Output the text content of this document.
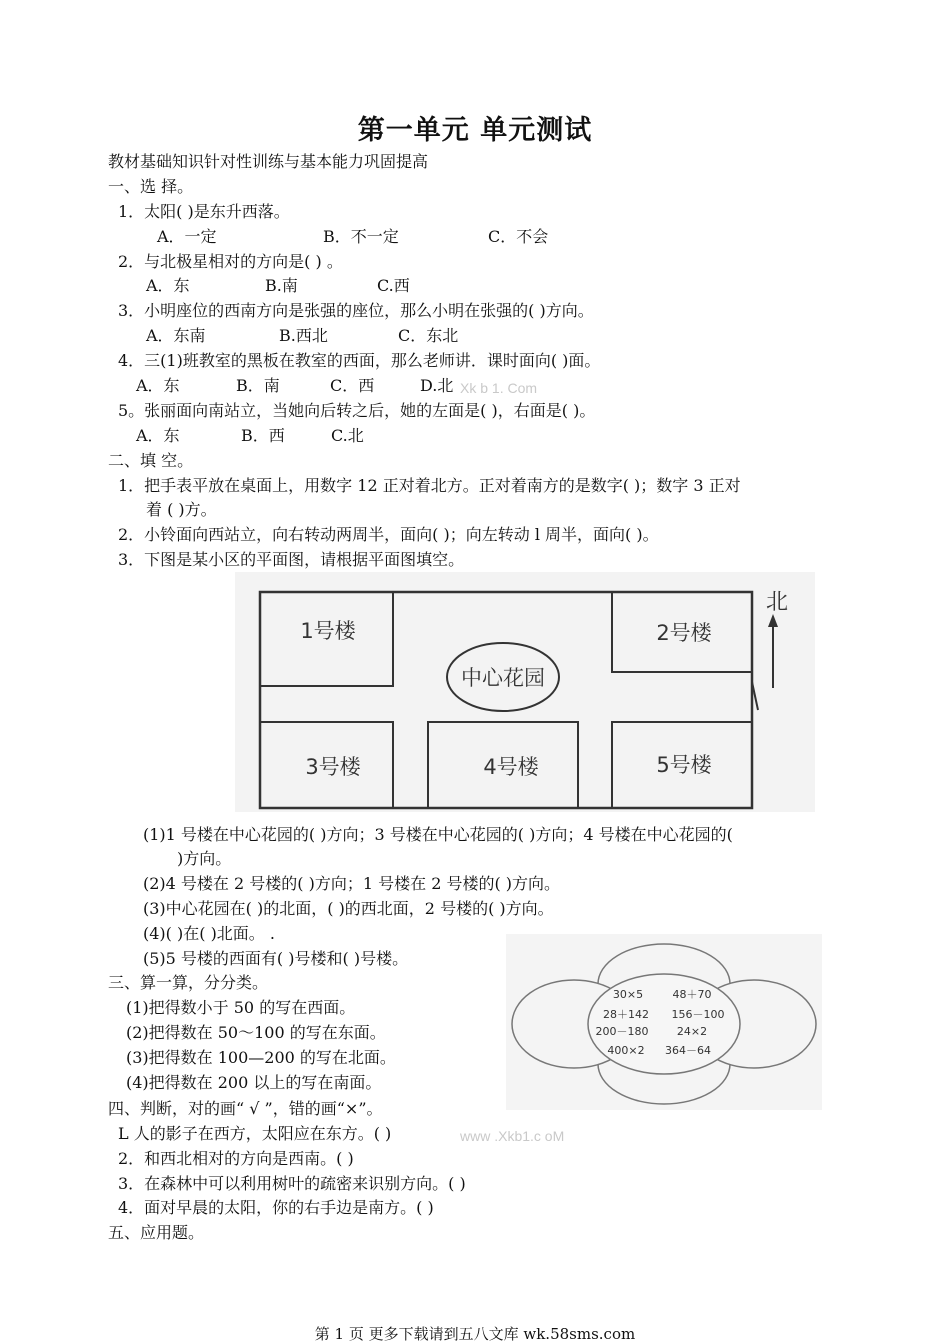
第一单元 单元测试
教材基础知识针对性训练与基本能力巩固提高
一、选 择。
1．太阳( )是东升西落。
A．一定	B．不一定	C．不会
2．与北极星相对的方向是( ) 。
A．东	B.南	C.西
3．小明座位的西南方向是张强的座位，那么小明在张强的( )方向。
A．东南	B.西北	C．东北
4．三(1)班教室的黑板在教室的西面，那么老师讲．课时面向( )面。
A．东	B．南	C．西	D.北 Xk b 1. Com
5。张丽面向南站立，当她向后转之后，她的左面是( )，右面是( )。
A．东	B．西	C.北
二、填 空。
1．把手表平放在桌面上，用数字 12 正对着北方。正对着南方的是数字( )；数字 3 正对
着 ( )方。
2．小铃面向西站立，向右转动两周半，面向( )；向左转动 l 周半，面向( )。
3．下图是某小区的平面图，请根据平面图填空。
北
1号楼	2号楼
中心花园
3号楼	4号楼	5号楼
(1)1 号楼在中心花园的( )方向；3 号楼在中心花园的( )方向；4 号楼在中心花园的(
)方向。
(2)4 号楼在 2 号楼的( )方向；1 号楼在 2 号楼的( )方向。
(3)中心花园在( )的北面，( )的西北面，2 号楼的( )方向。
(4)( )在( )北面。 .
(5)5 号楼的西面有( )号楼和( )号楼。
30×5	48＋70
28＋142 156－100
200－180	24×2
400×2 364－64
三、算一算，分分类。
(1)把得数小于 50 的写在西面。
(2)把得数在 50～100 的写在东面。
(3)把得数在 100—200 的写在北面。
(4)把得数在 200 以上的写在南面。
四、判断，对的画“ √ ”，错的画“×”。
L 人的影子在西方，太阳应在东方。( )	www .Xkb1.c oM
2．和西北相对的方向是西南。( )
3．在森林中可以利用树叶的疏密来识别方向。( )
4．面对早晨的太阳，你的右手边是南方。( )
五、应用题。
第 1 页 更多下载请到五八文库 wk.58sms.com
